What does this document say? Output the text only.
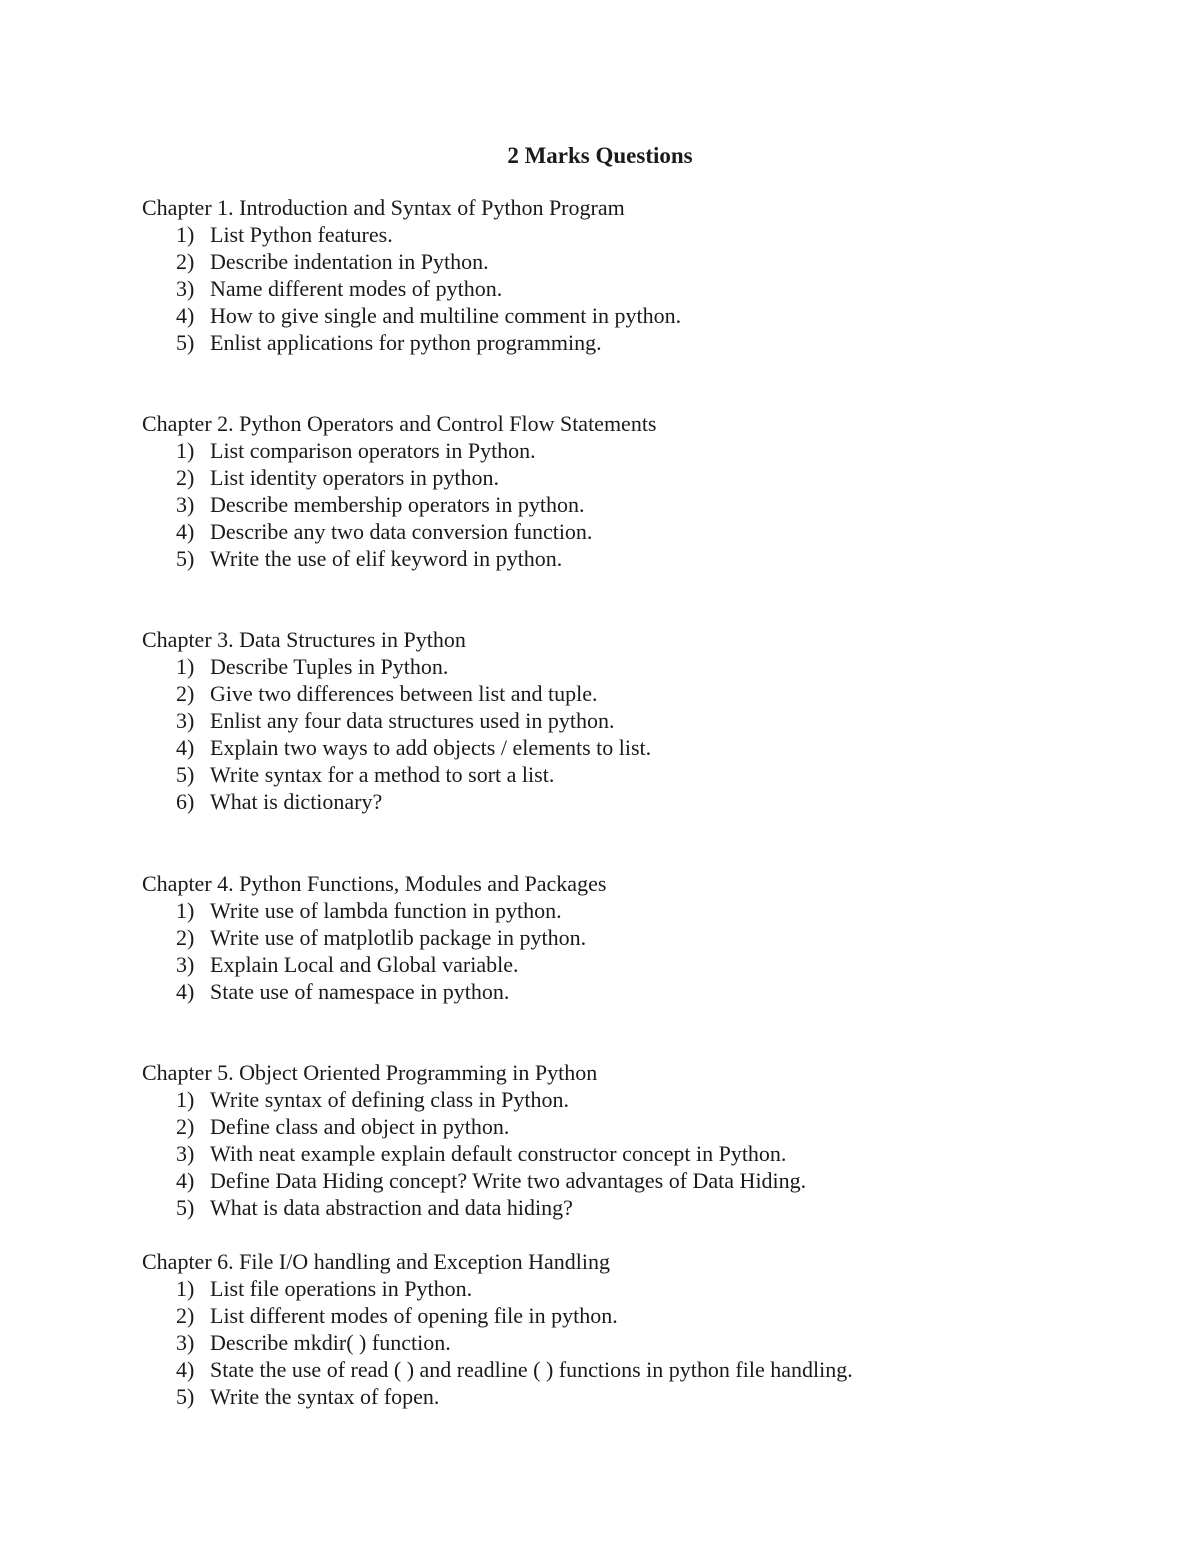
2 Marks Questions
Chapter 1. Introduction and Syntax of Python Program
1) List Python features.
2) Describe indentation in Python.
3) Name different modes of python.
4) How to give single and multiline comment in python.
5) Enlist applications for python programming.
Chapter 2. Python Operators and Control Flow Statements
1) List comparison operators in Python.
2) List identity operators in python.
3) Describe membership operators in python.
4) Describe any two data conversion function.
5) Write the use of elif keyword in python.
Chapter 3. Data Structures in Python
1) Describe Tuples in Python.
2) Give two differences between list and tuple.
3) Enlist any four data structures used in python.
4) Explain two ways to add objects / elements to list.
5) Write syntax for a method to sort a list.
6) What is dictionary?
Chapter 4. Python Functions, Modules and Packages
1) Write use of lambda function in python.
2) Write use of matplotlib package in python.
3) Explain Local and Global variable.
4) State use of namespace in python.
Chapter 5. Object Oriented Programming in Python
1) Write syntax of defining class in Python.
2) Define class and object in python.
3) With neat example explain default constructor concept in Python.
4) Define Data Hiding concept? Write two advantages of Data Hiding.
5) What is data abstraction and data hiding?
Chapter 6. File I/O handling and Exception Handling
1) List file operations in Python.
2) List different modes of opening file in python.
3) Describe mkdir( ) function.
4) State the use of read ( ) and readline ( ) functions in python file handling.
5) Write the syntax of fopen.
